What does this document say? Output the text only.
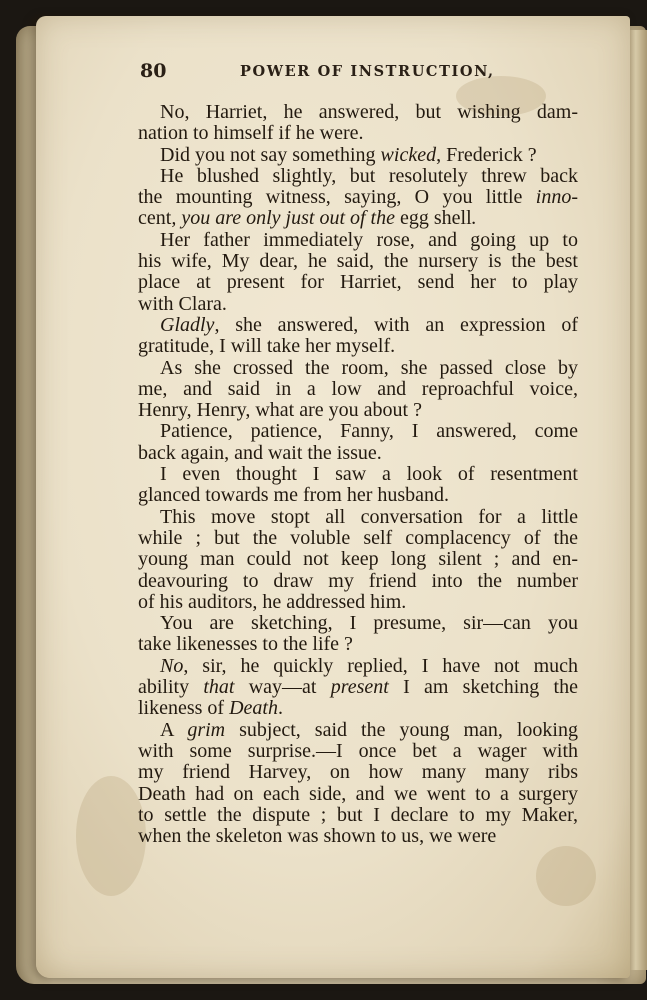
80	POWER OF INSTRUCTION,
No, Harriet, he answered, but wishing dam-
nation to himself if he were.
Did you not say something wicked, Frederick ?
He blushed slightly, but resolutely threw back
the mounting witness, saying, O you little inno-
cent, you are only just out of the egg shell.
Her father immediately rose, and going up to
his wife, My dear, he said, the nursery is the best
place at present for Harriet, send her to play
with Clara.
Gladly, she answered, with an expression of
gratitude, I will take her myself.
As she crossed the room, she passed close by
me, and said in a low and reproachful voice,
Henry, Henry, what are you about ?
Patience, patience, Fanny, I answered, come
back again, and wait the issue.
I even thought I saw a look of resentment
glanced towards me from her husband.
This move stopt all conversation for a little
while ; but the voluble self complacency of the
young man could not keep long silent ; and en-
deavouring to draw my friend into the number
of his auditors, he addressed him.
You are sketching, I presume, sir—can you
take likenesses to the life ?
No, sir, he quickly replied, I have not much
ability that way—at present I am sketching the
likeness of Death.
A grim subject, said the young man, looking
with some surprise.—I once bet a wager with
my friend Harvey, on how many many ribs
Death had on each side, and we went to a surgery
to settle the dispute ; but I declare to my Maker,
when the skeleton was shown to us, we were
